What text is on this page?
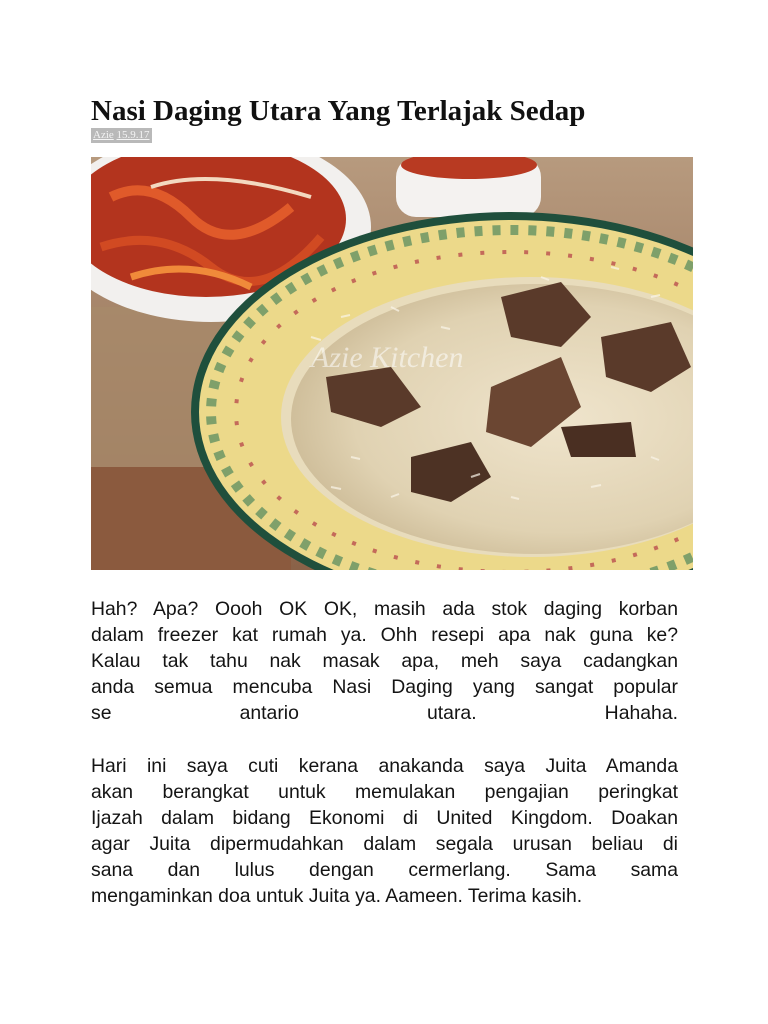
Nasi Daging Utara Yang Terlajak Sedap
Azie 15.9.17
Azie Kitchen

Hah? Apa? Oooh OK OK, masih ada stok daging korban
dalam freezer kat rumah ya. Ohh resepi apa nak guna ke?
Kalau tak tahu nak masak apa, meh saya cadangkan
anda semua mencuba Nasi Daging yang sangat popular
se antario utara. Hahaha.

Hari ini saya cuti kerana anakanda saya Juita Amanda
akan berangkat untuk memulakan pengajian peringkat
Ijazah dalam bidang Ekonomi di United Kingdom. Doakan
agar Juita dipermudahkan dalam segala urusan beliau di
sana dan lulus dengan cermerlang. Sama sama
mengaminkan doa untuk Juita ya. Aameen. Terima kasih.
